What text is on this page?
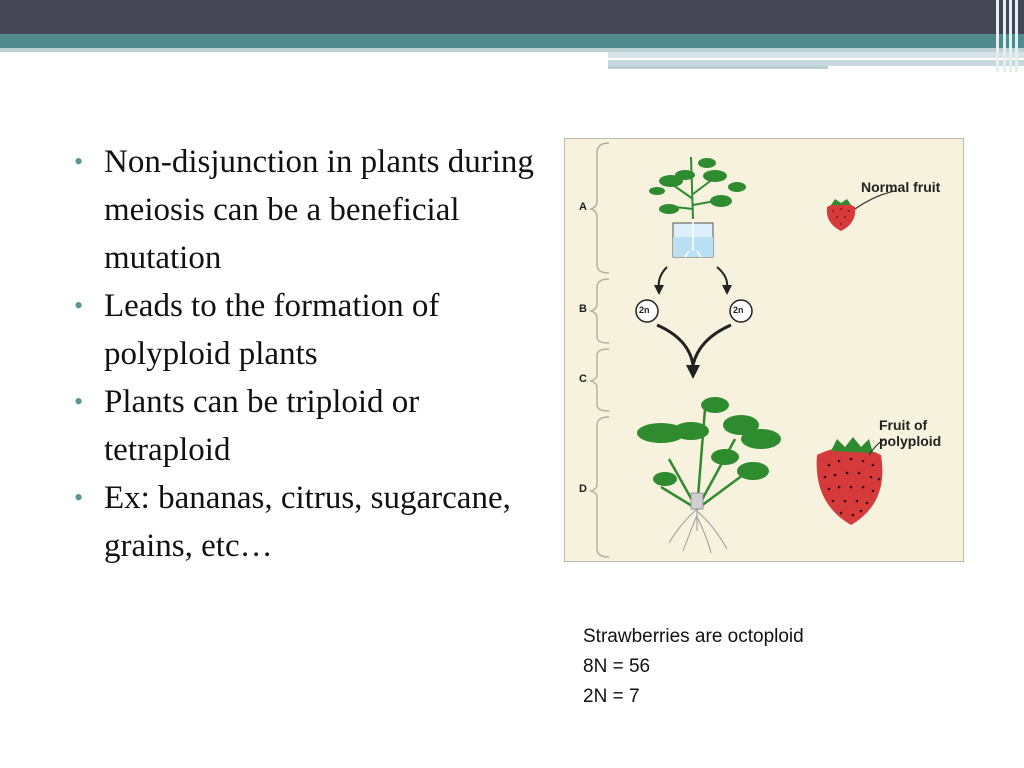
• Non-disjunction in plants during meiosis can be a beneficial mutation
• Leads to the formation of polyploid plants
• Plants can be triploid or tetraploid
• Ex: bananas, citrus, sugarcane, grains, etc…
A
B
C
D
2n	2n
Normal fruit
Fruit of
polyploid
Strawberries are octoploid
8N = 56
2N = 7
